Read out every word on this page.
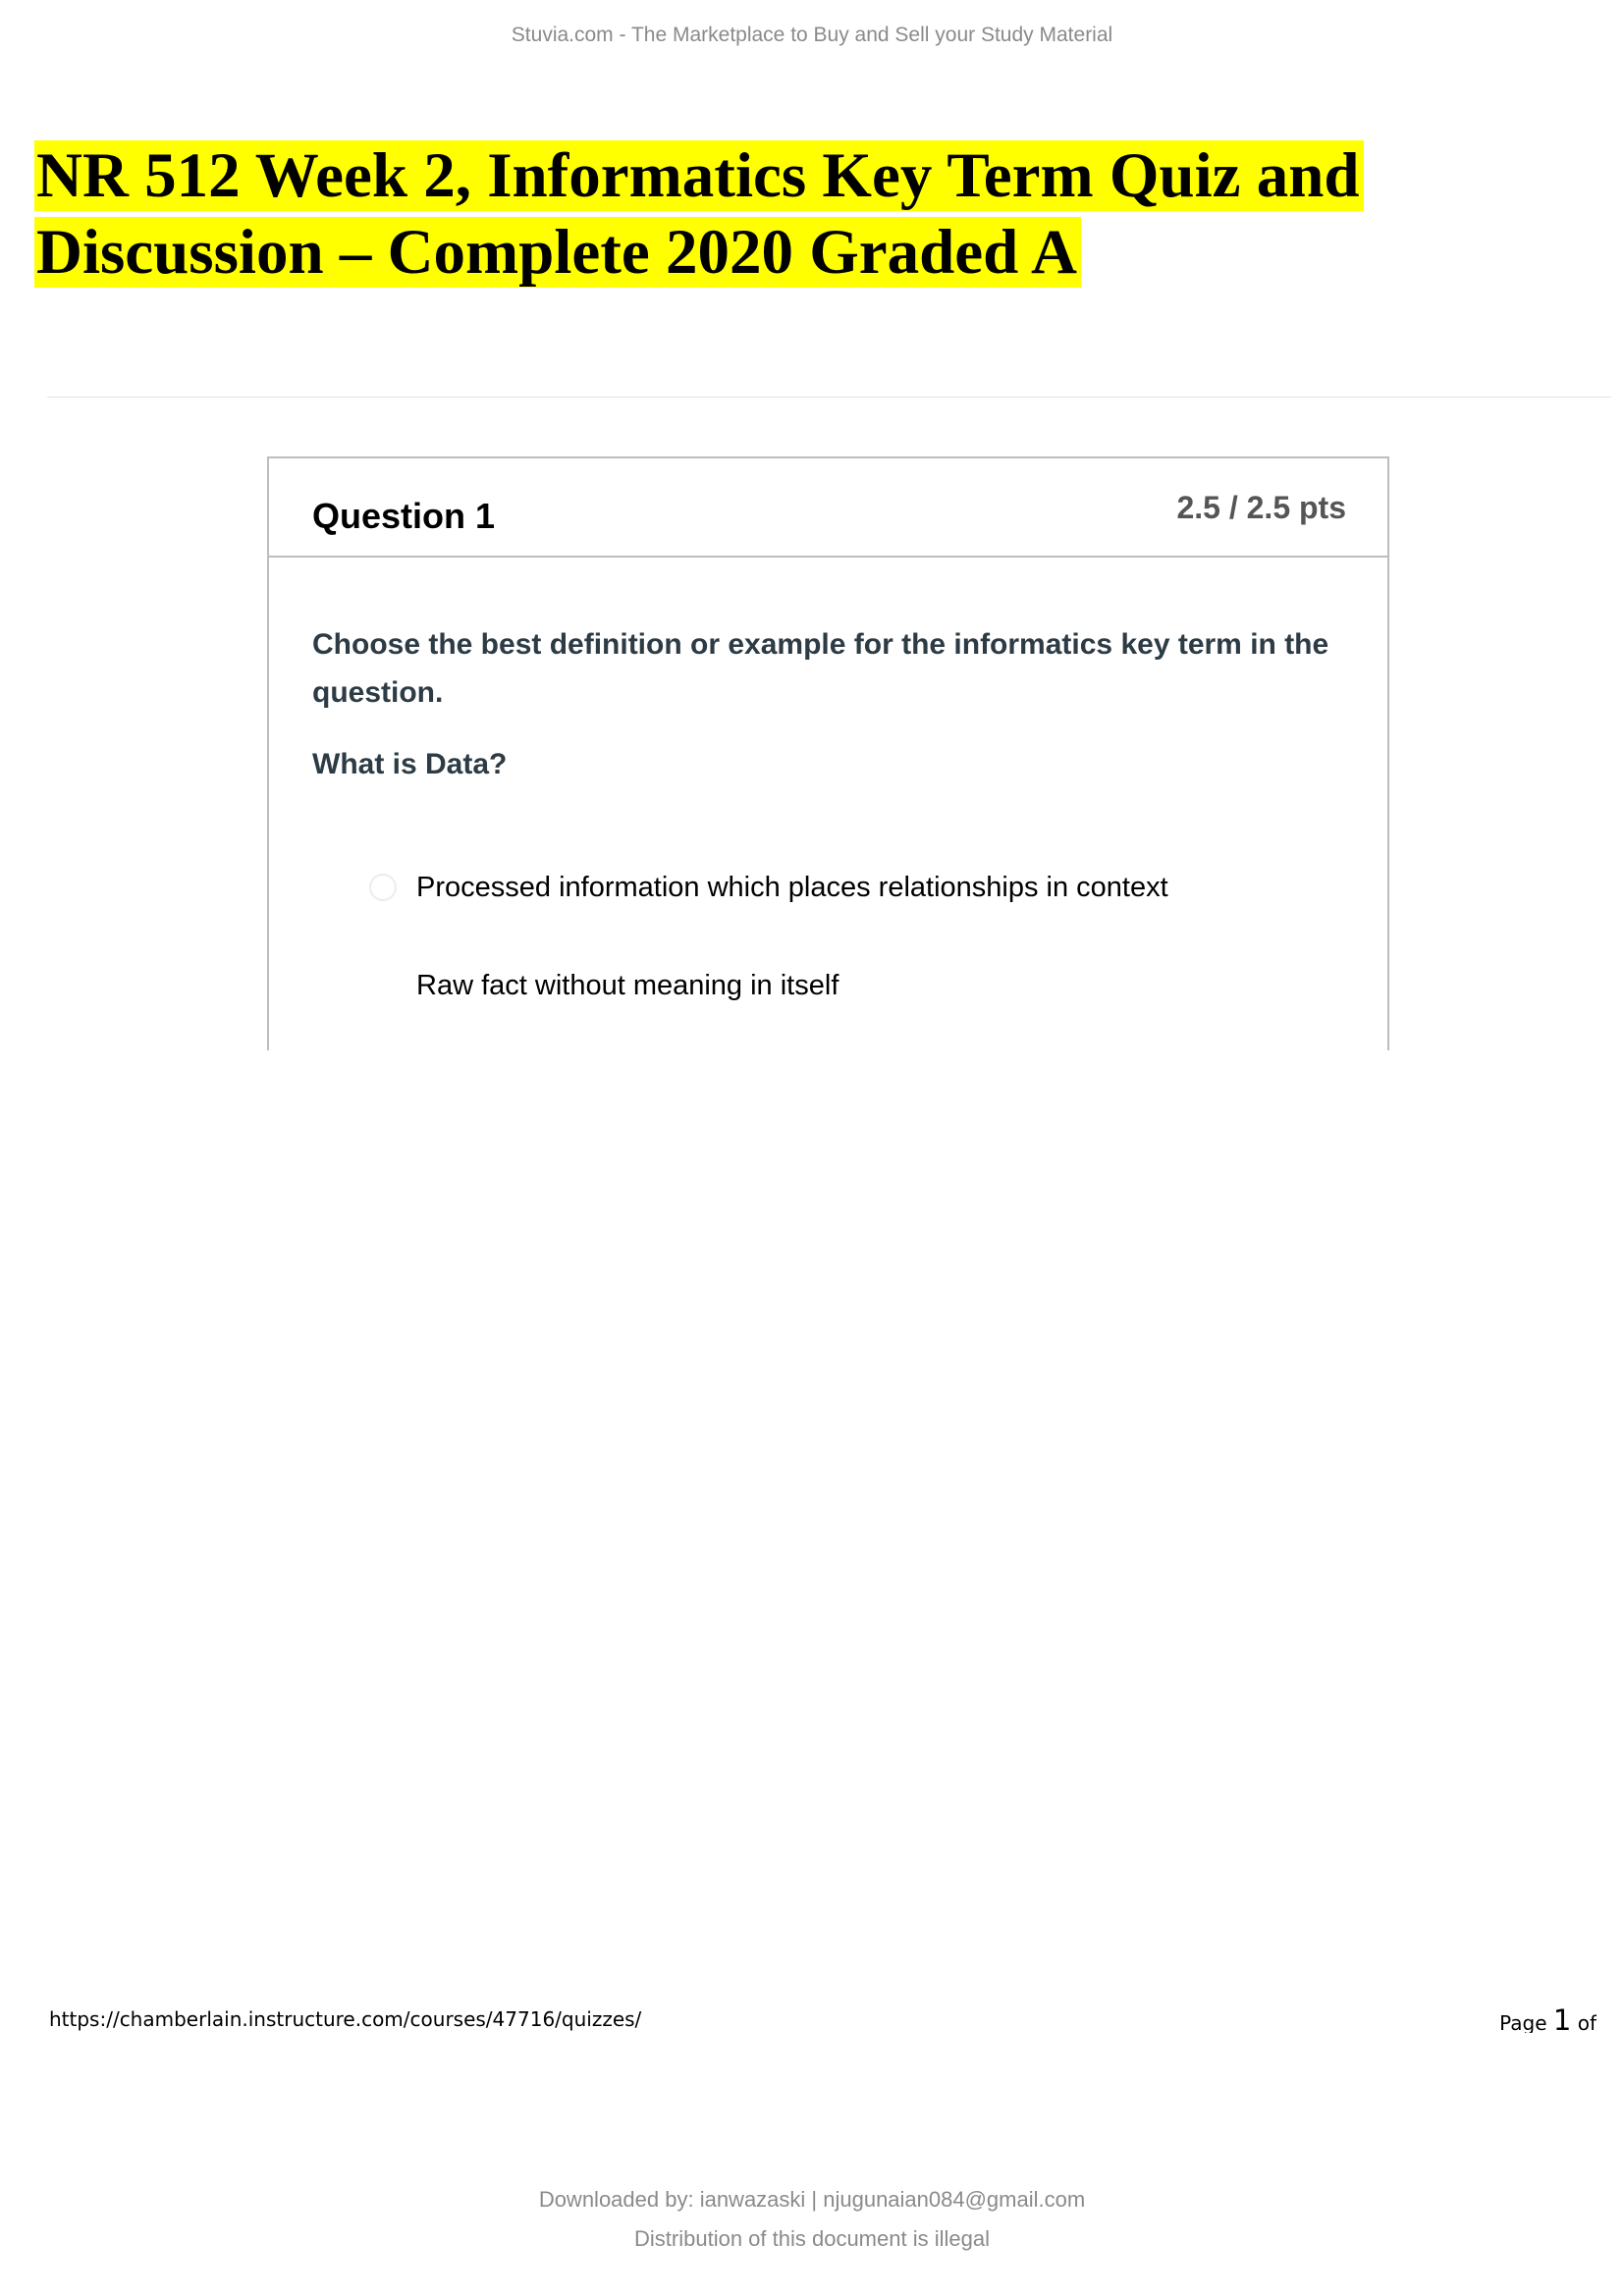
Stuvia.com - The Marketplace to Buy and Sell your Study Material
NR 512 Week 2, Informatics Key Term Quiz and
Discussion – Complete 2020 Graded A
Question 1	2.5 / 2.5 pts
Choose the best definition or example for the informatics key term in the question.
What is Data?
Processed information which places relationships in context
Raw fact without meaning in itself
https://chamberlain.instructure.com/courses/47716/quizzes/	Page 1 of
Downloaded by: ianwazaski | njugunaian084@gmail.com
Distribution of this document is illegal
